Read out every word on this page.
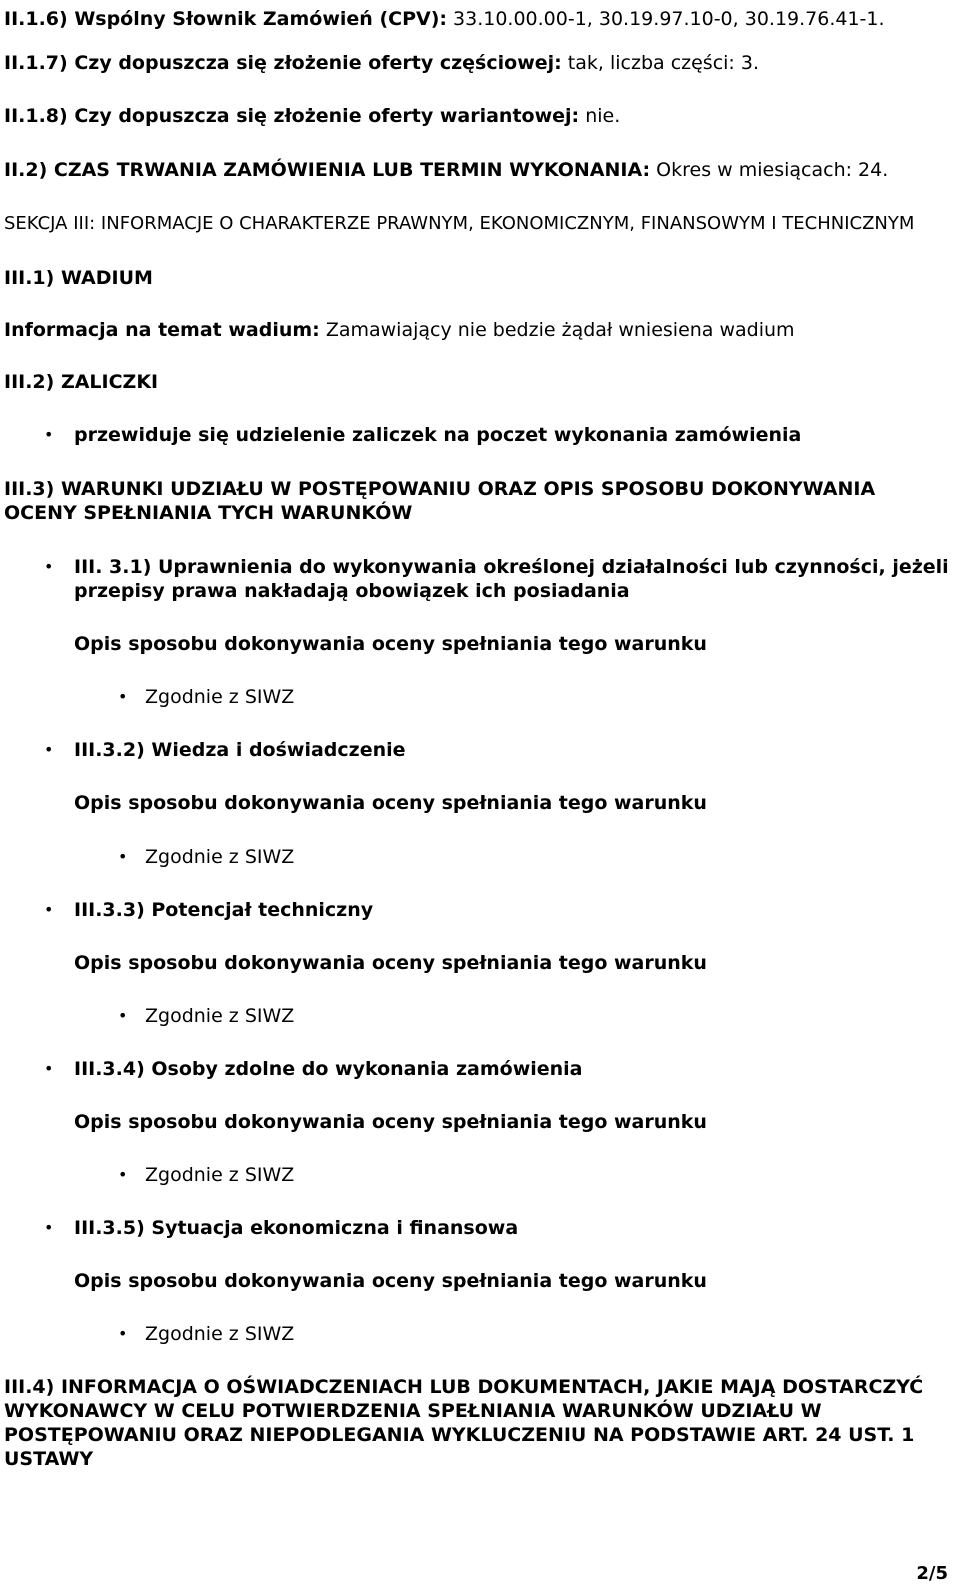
II.1.6) Wspólny Słownik Zamówień (CPV): 33.10.00.00-1, 30.19.97.10-0, 30.19.76.41-1.
II.1.7) Czy dopuszcza się złożenie oferty częściowej: tak, liczba części: 3.
II.1.8) Czy dopuszcza się złożenie oferty wariantowej: nie.
II.2) CZAS TRWANIA ZAMÓWIENIA LUB TERMIN WYKONANIA: Okres w miesiącach: 24.
SEKCJA III: INFORMACJE O CHARAKTERZE PRAWNYM, EKONOMICZNYM, FINANSOWYM I TECHNICZNYM
III.1) WADIUM
Informacja na temat wadium: Zamawiający nie bedzie żądał wniesiena wadium
III.2) ZALICZKI
• przewiduje się udzielenie zaliczek na poczet wykonania zamówienia
III.3) WARUNKI UDZIAŁU W POSTĘPOWANIU ORAZ OPIS SPOSOBU DOKONYWANIA OCENY SPEŁNIANIA TYCH WARUNKÓW
• III. 3.1) Uprawnienia do wykonywania określonej działalności lub czynności, jeżeli
przepisy prawa nakładają obowiązek ich posiadania
Opis sposobu dokonywania oceny spełniania tego warunku
• Zgodnie z SIWZ
• III.3.2) Wiedza i doświadczenie
Opis sposobu dokonywania oceny spełniania tego warunku
• Zgodnie z SIWZ
• III.3.3) Potencjał techniczny
Opis sposobu dokonywania oceny spełniania tego warunku
• Zgodnie z SIWZ
• III.3.4) Osoby zdolne do wykonania zamówienia
Opis sposobu dokonywania oceny spełniania tego warunku
• Zgodnie z SIWZ
• III.3.5) Sytuacja ekonomiczna i finansowa
Opis sposobu dokonywania oceny spełniania tego warunku
• Zgodnie z SIWZ
III.4) INFORMACJA O OŚWIADCZENIACH LUB DOKUMENTACH, JAKIE MAJĄ DOSTARCZYĆ WYKONAWCY W CELU POTWIERDZENIA SPEŁNIANIA WARUNKÓW UDZIAŁU W POSTĘPOWANIU ORAZ NIEPODLEGANIA WYKLUCZENIU NA PODSTAWIE ART. 24 UST. 1 USTAWY
2/5
